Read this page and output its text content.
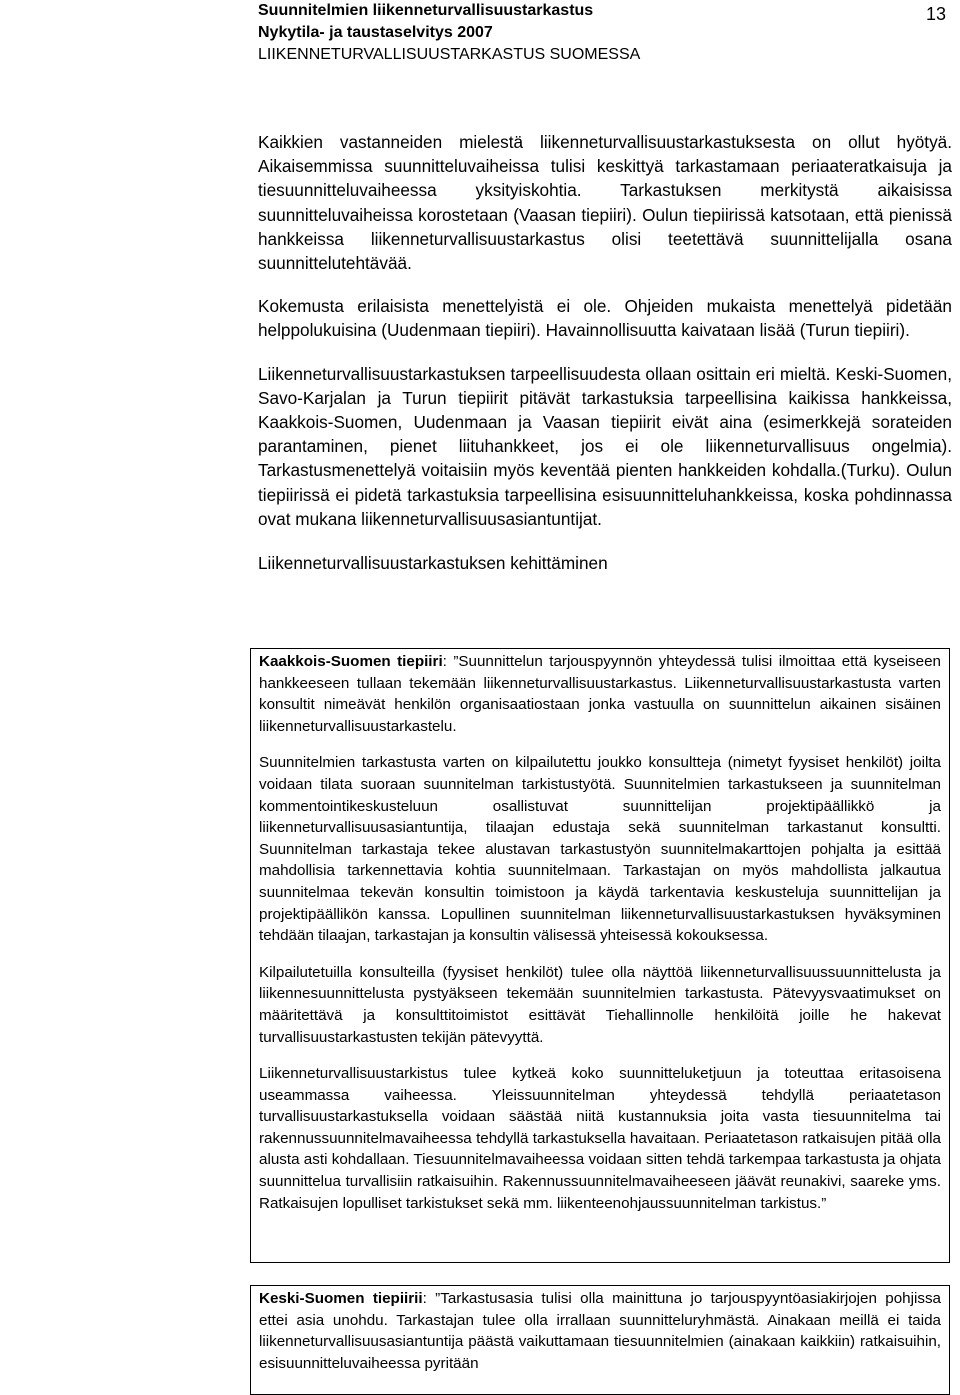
Suunnitelmien liikenneturvallisuustarkastus
Nykytila- ja taustaselvitys 2007
LIIKENNETURVALLISUUSTARKASTUS SUOMESSA
13

Kaikkien vastanneiden mielestä liikenneturvallisuustarkastuksesta on ollut hyötyä. Aikaisemmissa suunnitteluvaiheissa tulisi keskittyä tarkastamaan periaateratkaisuja ja tiesuunnitteluvaiheessa yksityiskohtia. Tarkastuksen merkitystä aikaisissa suunnitteluvaiheissa korostetaan (Vaasan tiepiiri). Oulun tiepiirissä katsotaan, että pienissä hankkeissa liikenneturvallisuustarkastus olisi teetettävä suunnittelijalla osana suunnittelutehtävää.

Kokemusta erilaisista menettelyistä ei ole. Ohjeiden mukaista menettelyä pidetään helppolukuisina (Uudenmaan tiepiiri). Havainnollisuutta kaivataan lisää (Turun tiepiiri).

Liikenneturvallisuustarkastuksen tarpeellisuudesta ollaan osittain eri mieltä. Keski-Suomen, Savo-Karjalan ja Turun tiepiirit pitävät tarkastuksia tarpeellisina kaikissa hankkeissa, Kaakkois-Suomen, Uudenmaan ja Vaasan tiepiirit eivät aina (esimerkkejä sorateiden parantaminen, pienet liituhankkeet, jos ei ole liikenneturvallisuus ongelmia). Tarkastusmenettelyä voitaisiin myös keventää pienten hankkeiden kohdalla.(Turku). Oulun tiepiirissä ei pidetä tarkastuksia tarpeellisina esisuunnitteluhankkeissa, koska pohdinnassa ovat mukana liikenneturvallisuusasiantuntijat.

Liikenneturvallisuustarkastuksen kehittäminen

Kaakkois-Suomen tiepiiri: ”Suunnittelun tarjouspyynnön yhteydessä tulisi ilmoittaa että kyseiseen hankkeeseen tullaan tekemään liikenneturvallisuustarkastus. Liikenneturvallisuustarkastusta varten konsultit nimeävät henkilön organisaatiostaan jonka vastuulla on suunnittelun aikainen sisäinen liikenneturvallisuustarkastelu.

Suunnitelmien tarkastusta varten on kilpailutettu joukko konsultteja (nimetyt fyysiset henkilöt) joilta voidaan tilata suoraan suunnitelman tarkistustyötä. Suunnitelmien tarkastukseen ja suunnitelman kommentointikeskusteluun osallistuvat suunnittelijan projektipäällikkö ja liikenneturvallisuusasiantuntija, tilaajan edustaja sekä suunnitelman tarkastanut konsultti. Suunnitelman tarkastaja tekee alustavan tarkastustyön suunnitelmakarttojen pohjalta ja esittää mahdollisia tarkennettavia kohtia suunnitelmaan. Tarkastajan on myös mahdollista jalkautua suunnitelmaa tekevän konsultin toimistoon ja käydä tarkentavia keskusteluja suunnittelijan ja projektipäällikön kanssa. Lopullinen suunnitelman liikenneturvallisuustarkastuksen hyväksyminen tehdään tilaajan, tarkastajan ja konsultin välisessä yhteisessä kokouksessa.

Kilpailutetuilla konsulteilla (fyysiset henkilöt) tulee olla näyttöä liikenneturvallisuussuunnittelusta ja liikennesuunnittelusta pystyäkseen tekemään suunnitelmien tarkastusta. Pätevyysvaatimukset on määritettävä ja konsulttitoimistot esittävät Tiehallinnolle henkilöitä joille he hakevat turvallisuustarkastusten tekijän pätevyyttä.

Liikenneturvallisuustarkistus tulee kytkeä koko suunnitteluketjuun ja toteuttaa eritasoisena useammassa vaiheessa. Yleissuunnitelman yhteydessä tehdyllä periaatetason turvallisuustarkastuksella voidaan säästää niitä kustannuksia joita vasta tiesuunnitelma tai rakennussuunnitelmavaiheessa tehdyllä tarkastuksella havaitaan. Periaatetason ratkaisujen pitää olla alusta asti kohdallaan. Tiesuunnitelmavaiheessa voidaan sitten tehdä tarkempaa tarkastusta ja ohjata suunnittelua turvallisiin ratkaisuihin. Rakennussuunnitelmavaiheeseen jäävät reunakivi, saareke yms. Ratkaisujen lopulliset tarkistukset sekä mm. liikenteenohjaussuunnitelman tarkistus.”

Keski-Suomen tiepiirii: ”Tarkastusasia tulisi olla mainittuna jo tarjouspyyntöasiakirjojen pohjissa ettei asia unohdu. Tarkastajan tulee olla irrallaan suunnitteluryhmästä. Ainakaan meillä ei taida liikenneturvallisuusasiantuntija päästä vaikuttamaan tiesuunnitelmien (ainakaan kaikkiin) ratkaisuihin, esisuunnitteluvaiheessa pyritään
